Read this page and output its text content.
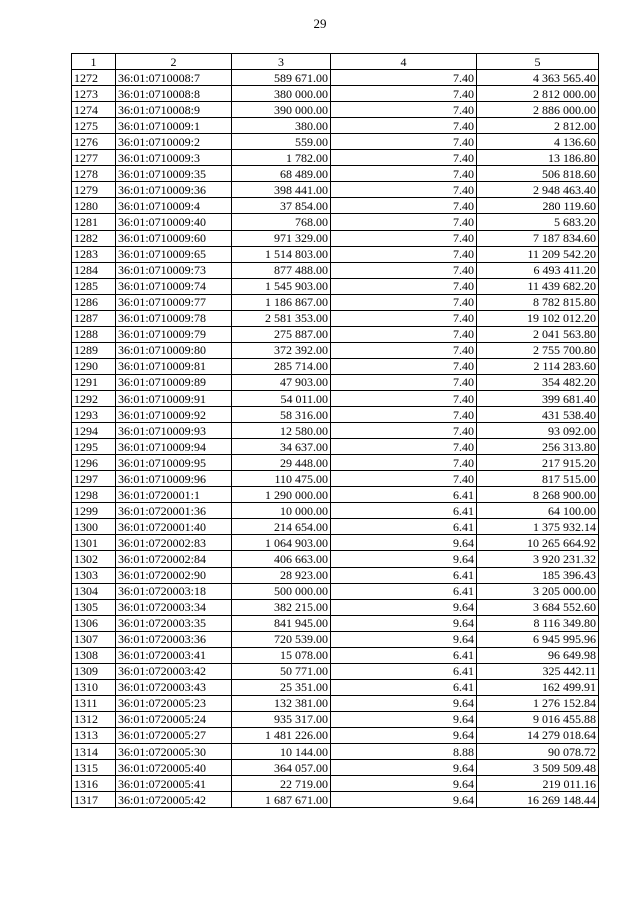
29
1	2	3	4	5
1272	36:01:0710008:7	589 671.00	7.40	4 363 565.40
1273	36:01:0710008:8	380 000.00	7.40	2 812 000.00
1274	36:01:0710008:9	390 000.00	7.40	2 886 000.00
1275	36:01:0710009:1	380.00	7.40	2 812.00
1276	36:01:0710009:2	559.00	7.40	4 136.60
1277	36:01:0710009:3	1 782.00	7.40	13 186.80
1278	36:01:0710009:35	68 489.00	7.40	506 818.60
1279	36:01:0710009:36	398 441.00	7.40	2 948 463.40
1280	36:01:0710009:4	37 854.00	7.40	280 119.60
1281	36:01:0710009:40	768.00	7.40	5 683.20
1282	36:01:0710009:60	971 329.00	7.40	7 187 834.60
1283	36:01:0710009:65	1 514 803.00	7.40	11 209 542.20
1284	36:01:0710009:73	877 488.00	7.40	6 493 411.20
1285	36:01:0710009:74	1 545 903.00	7.40	11 439 682.20
1286	36:01:0710009:77	1 186 867.00	7.40	8 782 815.80
1287	36:01:0710009:78	2 581 353.00	7.40	19 102 012.20
1288	36:01:0710009:79	275 887.00	7.40	2 041 563.80
1289	36:01:0710009:80	372 392.00	7.40	2 755 700.80
1290	36:01:0710009:81	285 714.00	7.40	2 114 283.60
1291	36:01:0710009:89	47 903.00	7.40	354 482.20
1292	36:01:0710009:91	54 011.00	7.40	399 681.40
1293	36:01:0710009:92	58 316.00	7.40	431 538.40
1294	36:01:0710009:93	12 580.00	7.40	93 092.00
1295	36:01:0710009:94	34 637.00	7.40	256 313.80
1296	36:01:0710009:95	29 448.00	7.40	217 915.20
1297	36:01:0710009:96	110 475.00	7.40	817 515.00
1298	36:01:0720001:1	1 290 000.00	6.41	8 268 900.00
1299	36:01:0720001:36	10 000.00	6.41	64 100.00
1300	36:01:0720001:40	214 654.00	6.41	1 375 932.14
1301	36:01:0720002:83	1 064 903.00	9.64	10 265 664.92
1302	36:01:0720002:84	406 663.00	9.64	3 920 231.32
1303	36:01:0720002:90	28 923.00	6.41	185 396.43
1304	36:01:0720003:18	500 000.00	6.41	3 205 000.00
1305	36:01:0720003:34	382 215.00	9.64	3 684 552.60
1306	36:01:0720003:35	841 945.00	9.64	8 116 349.80
1307	36:01:0720003:36	720 539.00	9.64	6 945 995.96
1308	36:01:0720003:41	15 078.00	6.41	96 649.98
1309	36:01:0720003:42	50 771.00	6.41	325 442.11
1310	36:01:0720003:43	25 351.00	6.41	162 499.91
1311	36:01:0720005:23	132 381.00	9.64	1 276 152.84
1312	36:01:0720005:24	935 317.00	9.64	9 016 455.88
1313	36:01:0720005:27	1 481 226.00	9.64	14 279 018.64
1314	36:01:0720005:30	10 144.00	8.88	90 078.72
1315	36:01:0720005:40	364 057.00	9.64	3 509 509.48
1316	36:01:0720005:41	22 719.00	9.64	219 011.16
1317	36:01:0720005:42	1 687 671.00	9.64	16 269 148.44
